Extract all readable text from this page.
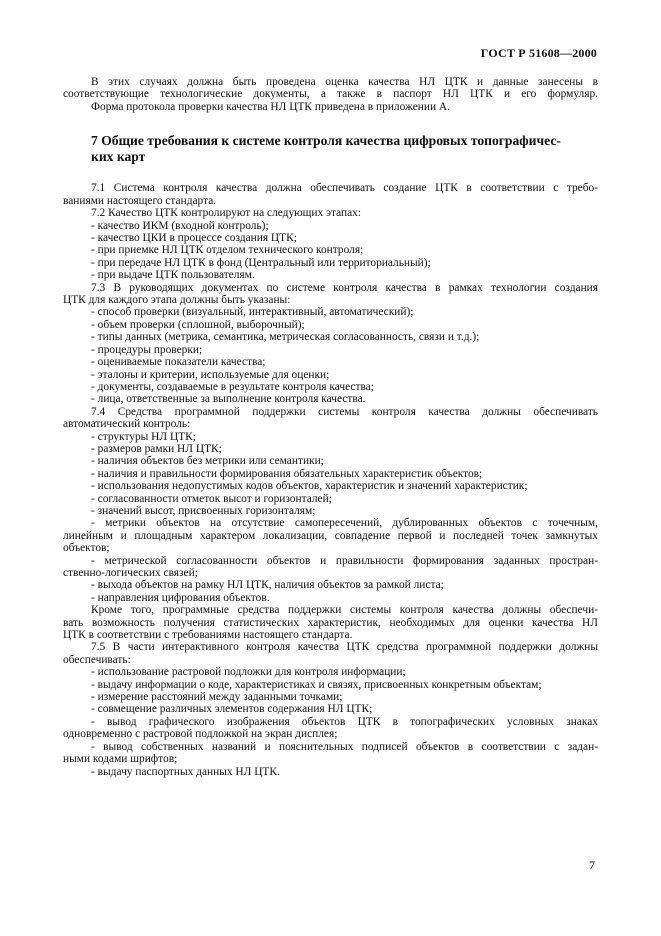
ГОСТ Р 51608—2000

В этих случаях должна быть проведена оценка качества НЛ ЦТК и данные занесены в

соответствующие технологические документы, а также в паспорт НЛ ЦТК и его формуляр.

Форма протокола проверки качества НЛ ЦТК приведена в приложении А.

7 Общие требования к системе контроля качества цифровых топографичес-

ких карт

7.1 Система контроля качества должна обеспечивать создание ЦТК в соответствии с требо-

ваниями настоящего стандарта.

7.2 Качество ЦТК контролируют на следующих этапах:

- качество ИКМ (входной контроль);

- качество ЦКИ в процессе создания ЦТК;

- при приемке НЛ ЦТК отделом технического контроля;

- при передаче НЛ ЦТК в фонд (Центральный или территориальный);

- при выдаче ЦТК пользователям.

7.3 В руководящих документах по системе контроля качества в рамках технологии создания

ЦТК для каждого этапа должны быть указаны:

- способ проверки (визуальный, интерактивный, автоматический);

- объем проверки (сплошной, выборочный);

- типы данных (метрика, семантика, метрическая согласованность, связи и т.д.);

- процедуры проверки;

- оцениваемые показатели качества;

- эталоны и критерии, используемые для оценки;

- документы, создаваемые в результате контроля качества;

- лица, ответственные за выполнение контроля качества.

7.4 Средства программной поддержки системы контроля качества должны обеспечивать

автоматический контроль:

- структуры НЛ ЦТК;

- размеров рамки НЛ ЦТК;

- наличия объектов без метрики или семантики;

- наличия и правильности формирования обязательных характеристик объектов;

- использования недопустимых кодов объектов, характеристик и значений характеристик;

- согласованности отметок высот и горизонталей;

- значений высот, присвоенных горизонталям;

- метрики объектов на отсутствие самопересечений, дублированных объектов с точечным,

линейным и площадным характером локализации, совпадение первой и последней точек замкнутых

объектов;

- метрической согласованности объектов и правильности формирования заданных простран-

ственно-логических связей;

- выхода объектов на рамку НЛ ЦТК, наличия объектов за рамкой листа;

- направления цифрования объектов.

Кроме того, программные средства поддержки системы контроля качества должны обеспечи-

вать возможность получения статистических характеристик, необходимых для оценки качества НЛ

ЦТК в соответствии с требованиями настоящего стандарта.

7.5 В части интерактивного контроля качества ЦТК средства программной поддержки должны

обеспечивать:

- использование растровой подложки для контроля информации;

- выдачу информации о коде, характеристиках и связях, присвоенных конкретным объектам;

- измерение расстояний между заданными точками;

- совмещение различных элементов содержания НЛ ЦТК;

- вывод графического изображения объектов ЦТК в топографических условных знаках

одновременно с растровой подложкой на экран дисплея;

- вывод собственных названий и пояснительных подписей объектов в соответствии с задан-

ными кодами шрифтов;

- выдачу паспортных данных НЛ ЦТК.

7
